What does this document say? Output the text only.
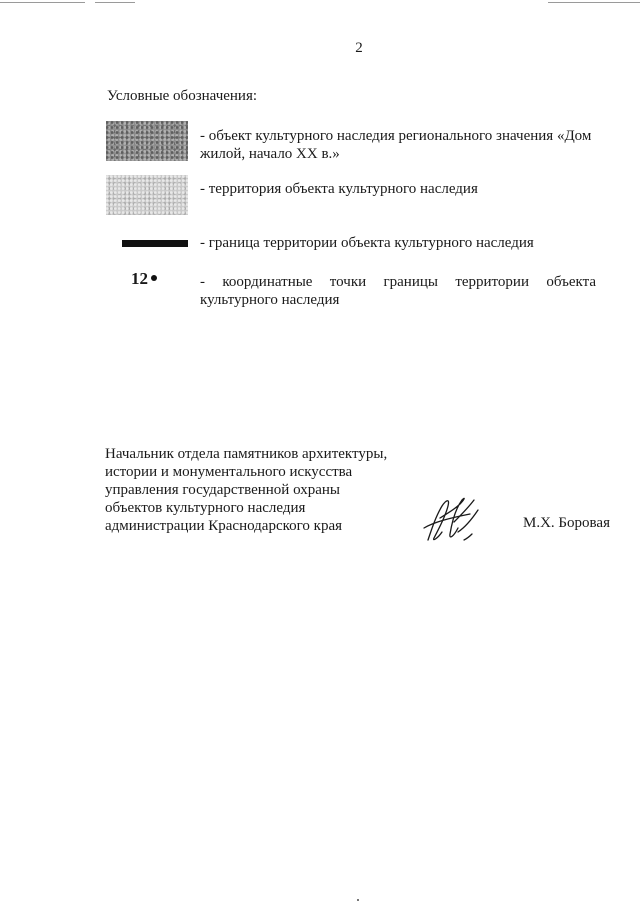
2
Условные обозначения:
- объект культурного наследия регионального значения «Дом жилой, начало XX в.»
- территория объекта культурного наследия
- граница территории объекта культурного наследия
12	- координатные точки границы территории объекта культурного наследия
Начальник отдела памятников архитектуры,
истории и монументального искусства
управления государственной охраны
объектов культурного наследия
администрации Краснодарского края	М.Х. Боровая
